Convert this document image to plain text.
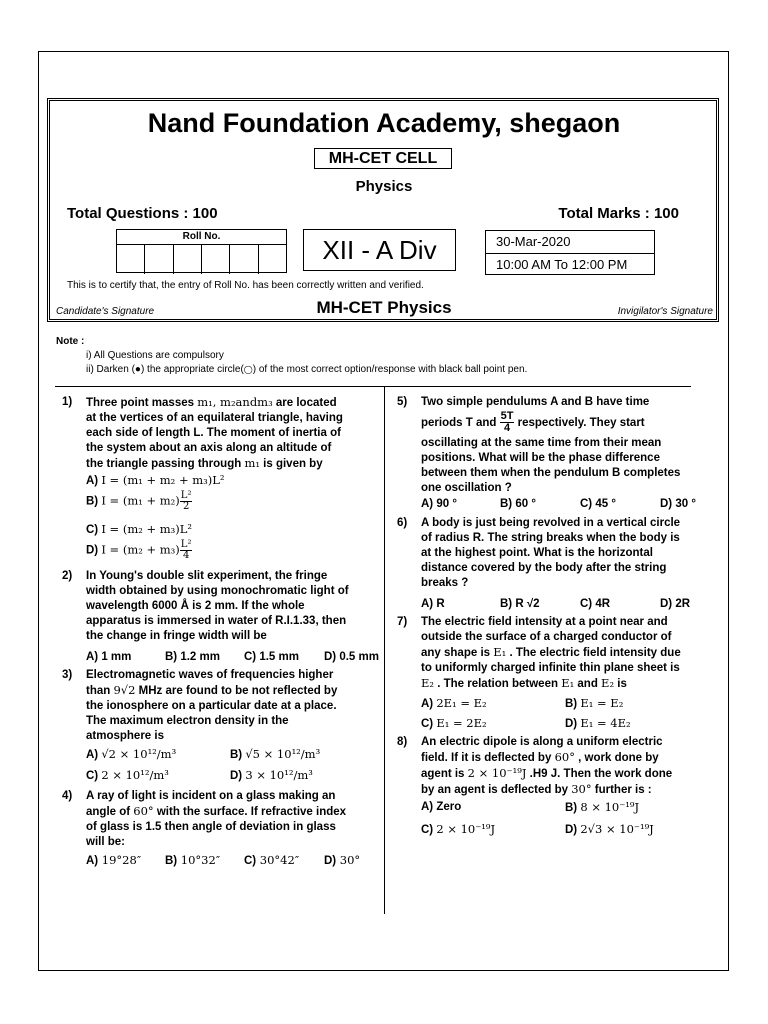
Nand Foundation Academy, shegaon
MH-CET CELL
Physics
Total Questions : 100	Total Marks : 100
Roll No.	XII - A Div	30-Mar-2020
10:00 AM To 12:00 PM
This is to certify that, the entry of Roll No. has been correctly written and verified.
Candidate's Signature	MH-CET Physics	Invigilator's Signature
Note :
i) All Questions are compulsory
ii) Darken (●) the appropriate circle(◯) of the most correct option/response with black ball point pen.
1)	Three point masses m₁, m₂andm₃ are located
at the vertices of an equilateral triangle, having
each side of length L. The moment of inertia of
the system about an axis along an altitude of
the triangle passing through m₁ is given by
A) I = (m₁ + m₂ + m₃)L²
B) $I = (m_1 + m_2) \frac{\text{L²}}{2}$
C) I = (m₂ + m₃)L²
D) $I = (m_2 + m_3) \frac{\text{L²}}{4}$
2)	In Young's double slit experiment, the fringe
width obtained by using monochromatic light of
wavelength 6000 Å is 2 mm. If the whole
apparatus is immersed in water of R.I.1.33, then
the change in fringe width will be
A) 1 mm	B) 1.2 mm C) 1.5 mm D) 0.5 mm
3)	Electromagnetic waves of frequencies higher
than 9√2 MHz are found to be not reflected by
the ionosphere on a particular date at a place.
The maximum electron density in the
atmosphere is
A) √2 × 10¹²/m³	B) √5 × 10¹²/m³
C) 2 × 10¹²/m³	D) 3 × 10¹²/m³
4)	A ray of light is incident on a glass making an
angle of 60° with the surface. If refractive index
of glass is 1.5 then angle of deviation in glass
will be:
A) 19°28″ B) 10°32″ C) 30°42″ D) 30°
5)	Two simple pendulums A and B have time
periods T and $\frac{5T}{4}$ respectively. They start
oscillating at the same time from their mean
positions. What will be the phase difference
between them when the pendulum B completes
one oscillation ?
A) 90 °	B) 60 °	C) 45 °	D) 30 °
6)	A body is just being revolved in a vertical circle
of radius R. The string breaks when the body is
at the highest point. What is the horizontal
distance covered by the body after the string
breaks ?
A) R	B) R √2	C) 4R	D) 2R
7)	The electric field intensity at a point near and
outside the surface of a charged conductor of
any shape is E₁ . The electric field intensity due
to uniformly charged infinite thin plane sheet is
E₂ . The relation between E₁ and E₂ is
A) 2E₁ = E₂	B) E₁ = E₂
C) E₁ = 2E₂	D) E₁ = 4E₂
8)	An electric dipole is along a uniform electric
field. If it is deflected by 60° , work done by
agent is 2 × 10⁻¹⁹J .H9 J. Then the work done
by an agent is deflected by 30° further is :
A) Zero	B) 8 × 10⁻¹⁹J
C) 2 × 10⁻¹⁹J	D) 2√3 × 10⁻¹⁹J
